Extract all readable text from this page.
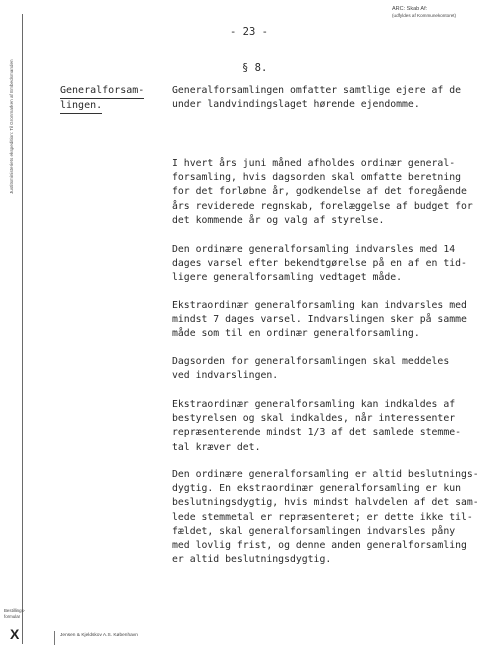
Justitsministeriets ekspedition: Til Gronmarken af Embedsmanden
ARC: Skab Af:
(udfyldes af Kommunekontoret)
- 23 -
§ 8.
Generalforsam-
lingen.
Generalforsamlingen omfatter samtlige ejere af de
under landvindingslaget hørende ejendomme.
I hvert års juni måned afholdes ordinær general-
forsamling, hvis dagsorden skal omfatte beretning
for det forløbne år, godkendelse af det foregående
års reviderede regnskab, forelæggelse af budget for
det kommende år og valg af styrelse.
Den ordinære generalforsamling indvarsles med 14
dages varsel efter bekendtgørelse på en af en tid-
ligere generalforsamling vedtaget måde.
Ekstraordinær generalforsamling kan indvarsles med
mindst 7 dages varsel. Indvarslingen sker på samme
måde som til en ordinær generalforsamling.
Dagsorden for generalforsamlingen skal meddeles
ved indvarslingen.
Ekstraordinær generalforsamling kan indkaldes af
bestyrelsen og skal indkaldes, når interessenter
repræsenterende mindst 1/3 af det samlede stemme-
tal kræver det.
Den ordinære generalforsamling er altid beslutnings-
dygtig. En ekstraordinær generalforsamling er kun
beslutningsdygtig, hvis mindst halvdelen af det sam-
lede stemmetal er repræsenteret; er dette ikke til-
fældet, skal generalforsamlingen indvarsles påny
med lovlig frist, og denne anden generalforsamling
er altid beslutningsdygtig.
Bestillings-
formular
X	Jensen & Kjeldskov A.S. København
